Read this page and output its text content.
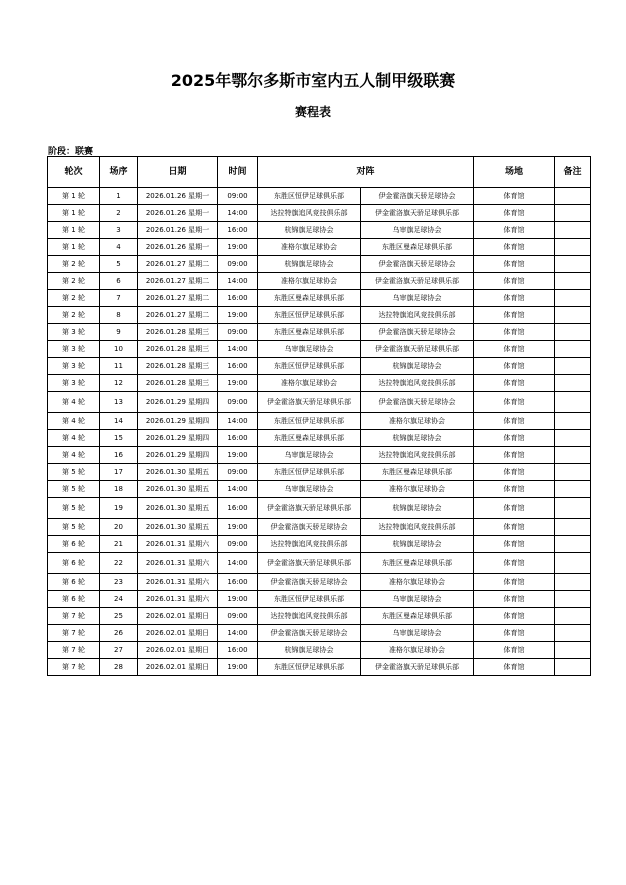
2025年鄂尔多斯市室内五人制甲级联赛
赛程表
阶段：联赛
轮次	场序	日期	时间	对阵		场地	备注
第 1 轮	1	2026.01.26 星期一	09:00	东胜区恒伊足球俱乐部	伊金霍洛旗天骄足球协会	体育馆	
第 1 轮	2	2026.01.26 星期一	14:00	达拉特旗追风竞技俱乐部	伊金霍洛旗天骄足球俱乐部	体育馆	
第 1 轮	3	2026.01.26 星期一	16:00	杭锦旗足球协会	乌审旗足球协会	体育馆	
第 1 轮	4	2026.01.26 星期一	19:00	准格尔旗足球协会	东胜区曼森足球俱乐部	体育馆	
第 2 轮	5	2026.01.27 星期二	09:00	杭锦旗足球协会	伊金霍洛旗天骄足球协会	体育馆	
第 2 轮	6	2026.01.27 星期二	14:00	准格尔旗足球协会	伊金霍洛旗天骄足球俱乐部	体育馆	
第 2 轮	7	2026.01.27 星期二	16:00	东胜区曼森足球俱乐部	乌审旗足球协会	体育馆	
第 2 轮	8	2026.01.27 星期二	19:00	东胜区恒伊足球俱乐部	达拉特旗追风竞技俱乐部	体育馆	
第 3 轮	9	2026.01.28 星期三	09:00	东胜区曼森足球俱乐部	伊金霍洛旗天骄足球协会	体育馆	
第 3 轮	10	2026.01.28 星期三	14:00	乌审旗足球协会	伊金霍洛旗天骄足球俱乐部	体育馆	
第 3 轮	11	2026.01.28 星期三	16:00	东胜区恒伊足球俱乐部	杭锦旗足球协会	体育馆	
第 3 轮	12	2026.01.28 星期三	19:00	准格尔旗足球协会	达拉特旗追风竞技俱乐部	体育馆	
第 4 轮	13	2026.01.29 星期四	09:00	伊金霍洛旗天骄足球俱乐部	伊金霍洛旗天骄足球协会	体育馆	
第 4 轮	14	2026.01.29 星期四	14:00	东胜区恒伊足球俱乐部	准格尔旗足球协会	体育馆	
第 4 轮	15	2026.01.29 星期四	16:00	东胜区曼森足球俱乐部	杭锦旗足球协会	体育馆	
第 4 轮	16	2026.01.29 星期四	19:00	乌审旗足球协会	达拉特旗追风竞技俱乐部	体育馆	
第 5 轮	17	2026.01.30 星期五	09:00	东胜区恒伊足球俱乐部	东胜区曼森足球俱乐部	体育馆	
第 5 轮	18	2026.01.30 星期五	14:00	乌审旗足球协会	准格尔旗足球协会	体育馆	
第 5 轮	19	2026.01.30 星期五	16:00	伊金霍洛旗天骄足球俱乐部	杭锦旗足球协会	体育馆	
第 5 轮	20	2026.01.30 星期五	19:00	伊金霍洛旗天骄足球协会	达拉特旗追风竞技俱乐部	体育馆	
第 6 轮	21	2026.01.31 星期六	09:00	达拉特旗追风竞技俱乐部	杭锦旗足球协会	体育馆	
第 6 轮	22	2026.01.31 星期六	14:00	伊金霍洛旗天骄足球俱乐部	东胜区曼森足球俱乐部	体育馆	
第 6 轮	23	2026.01.31 星期六	16:00	伊金霍洛旗天骄足球协会	准格尔旗足球协会	体育馆	
第 6 轮	24	2026.01.31 星期六	19:00	东胜区恒伊足球俱乐部	乌审旗足球协会	体育馆	
第 7 轮	25	2026.02.01 星期日	09:00	达拉特旗追风竞技俱乐部	东胜区曼森足球俱乐部	体育馆	
第 7 轮	26	2026.02.01 星期日	14:00	伊金霍洛旗天骄足球协会	乌审旗足球协会	体育馆	
第 7 轮	27	2026.02.01 星期日	16:00	杭锦旗足球协会	准格尔旗足球协会	体育馆	
第 7 轮	28	2026.02.01 星期日	19:00	东胜区恒伊足球俱乐部	伊金霍洛旗天骄足球俱乐部	体育馆	
